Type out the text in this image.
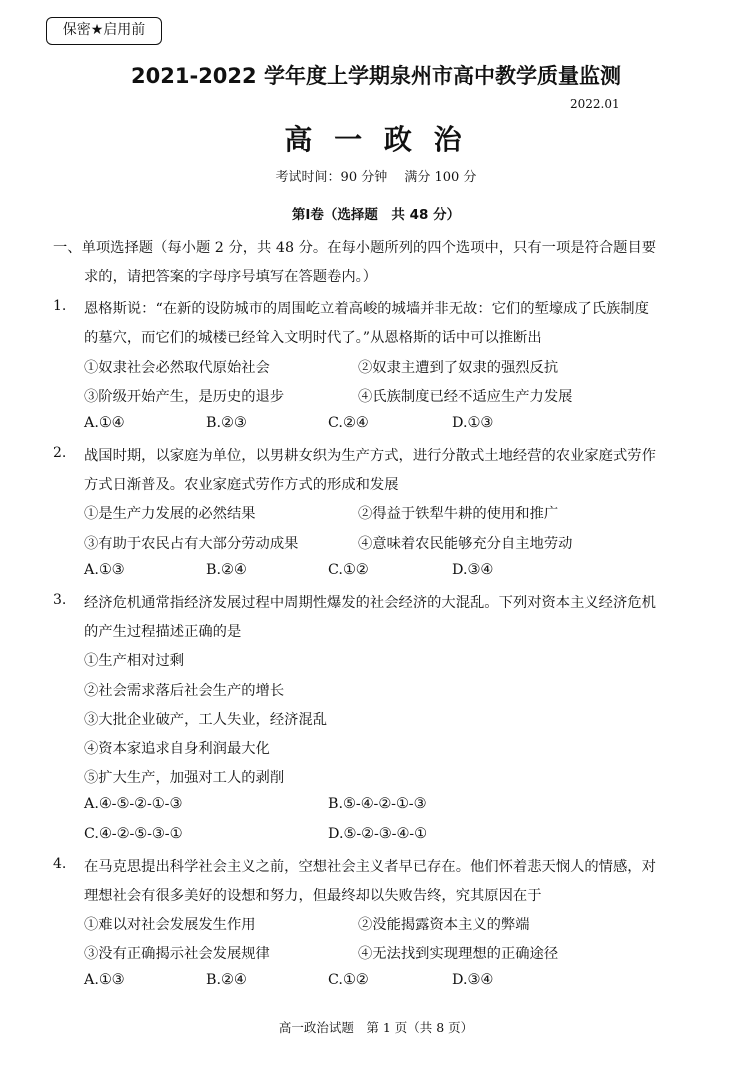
保密★启用前
2021-2022 学年度上学期泉州市高中教学质量监测
2022.01
高 一 政 治
考试时间：90 分钟　 满分 100 分
第Ⅰ卷（选择题　共 48 分）
一、单项选择题（每小题 2 分，共 48 分。在每小题所列的四个选项中，只有一项是符合题目要
求的，请把答案的字母序号填写在答题卷内。）
1. 恩格斯说：“在新的设防城市的周围屹立着高峻的城墙并非无故：它们的堑壕成了氏族制度
的墓穴，而它们的城楼已经耸入文明时代了。”从恩格斯的话中可以推断出
①奴隶社会必然取代原始社会	②奴隶主遭到了奴隶的强烈反抗
③阶级开始产生，是历史的退步	④氏族制度已经不适应生产力发展
A.①④	B.②③	C.②④	D.①③
2. 战国时期，以家庭为单位，以男耕女织为生产方式，进行分散式土地经营的农业家庭式劳作
方式日渐普及。农业家庭式劳作方式的形成和发展
①是生产力发展的必然结果	②得益于铁犁牛耕的使用和推广
③有助于农民占有大部分劳动成果	④意味着农民能够充分自主地劳动
A.①③	B.②④	C.①②	D.③④
3. 经济危机通常指经济发展过程中周期性爆发的社会经济的大混乱。下列对资本主义经济危机
的产生过程描述正确的是
①生产相对过剩
②社会需求落后社会生产的增长
③大批企业破产，工人失业，经济混乱
④资本家追求自身利润最大化
⑤扩大生产，加强对工人的剥削
A.④-⑤-②-①-③	B.⑤-④-②-①-③
C.④-②-⑤-③-①	D.⑤-②-③-④-①
4. 在马克思提出科学社会主义之前，空想社会主义者早已存在。他们怀着悲天悯人的情感，对
理想社会有很多美好的设想和努力，但最终却以失败告终，究其原因在于
①难以对社会发展发生作用	②没能揭露资本主义的弊端
③没有正确揭示社会发展规律	④无法找到实现理想的正确途径
A.①③	B.②④	C.①②	D.③④
高一政治试题　第 1 页（共 8 页）
